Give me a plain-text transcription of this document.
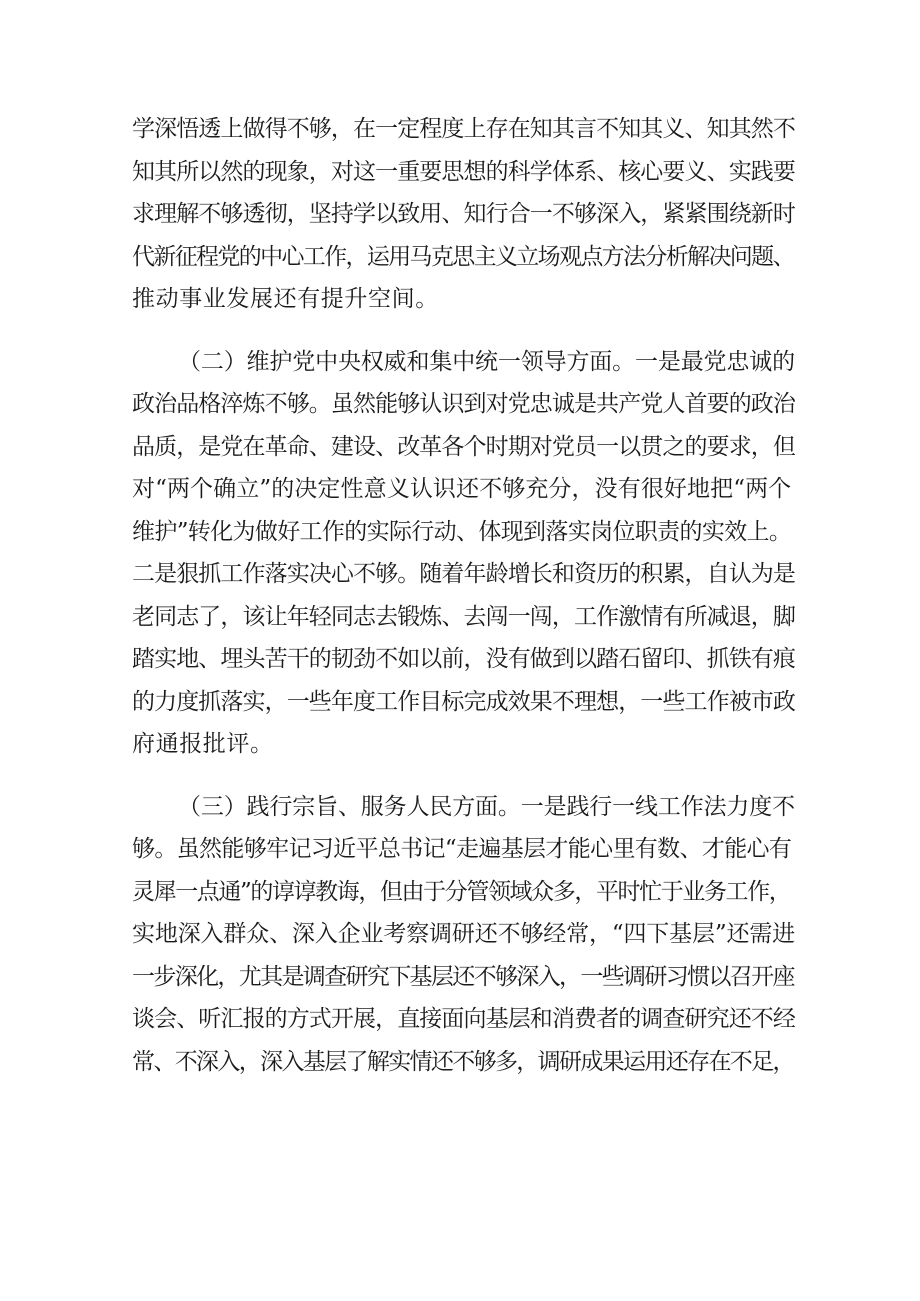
学深悟透上做得不够，在一定程度上存在知其言不知其义、知其然不
知其所以然的现象，对这一重要思想的科学体系、核心要义、实践要
求理解不够透彻，坚持学以致用、知行合一不够深入，紧紧围绕新时
代新征程党的中心工作，运用马克思主义立场观点方法分析解决问题、
推动事业发展还有提升空间。
（二）维护党中央权威和集中统一领导方面。一是最党忠诚的
政治品格淬炼不够。虽然能够认识到对党忠诚是共产党人首要的政治
品质，是党在革命、建设、改革各个时期对党员一以贯之的要求，但
对“两个确立”的决定性意义认识还不够充分，没有很好地把“两个
维护”转化为做好工作的实际行动、体现到落实岗位职责的实效上。
二是狠抓工作落实决心不够。随着年龄增长和资历的积累，自认为是
老同志了，该让年轻同志去锻炼、去闯一闯，工作激情有所减退，脚
踏实地、埋头苦干的韧劲不如以前，没有做到以踏石留印、抓铁有痕
的力度抓落实，一些年度工作目标完成效果不理想，一些工作被市政
府通报批评。
（三）践行宗旨、服务人民方面。一是践行一线工作法力度不
够。虽然能够牢记习近平总书记“走遍基层才能心里有数、才能心有
灵犀一点通”的谆谆教诲，但由于分管领域众多，平时忙于业务工作，
实地深入群众、深入企业考察调研还不够经常，“四下基层”还需进
一步深化，尤其是调查研究下基层还不够深入，一些调研习惯以召开座
谈会、听汇报的方式开展，直接面向基层和消费者的调查研究还不经
常、不深入，深入基层了解实情还不够多，调研成果运用还存在不足，
